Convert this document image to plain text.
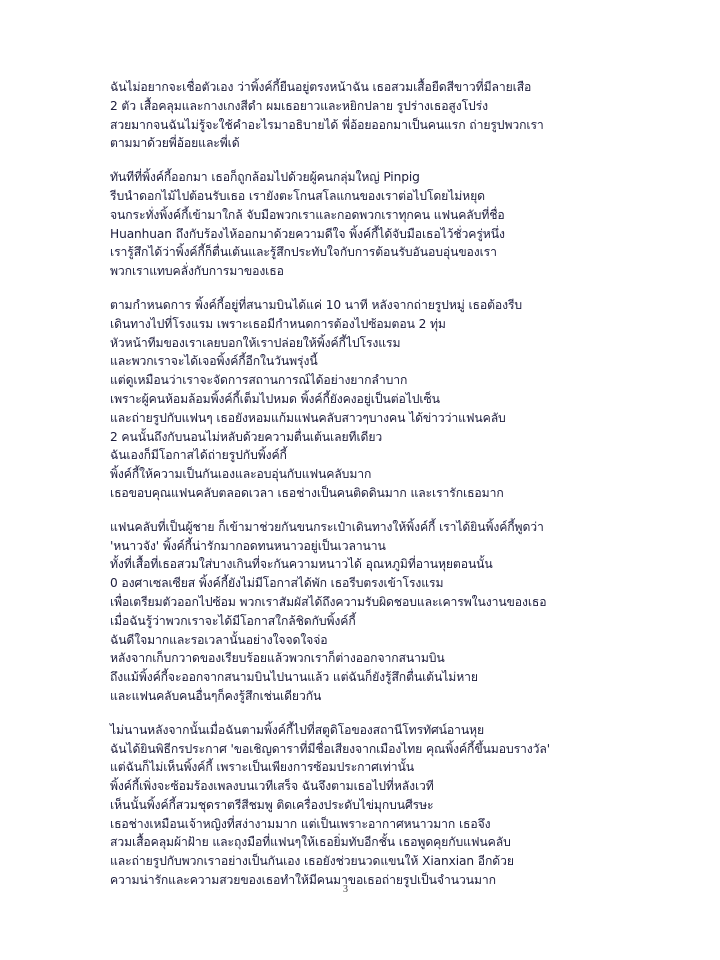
ฉันไม่อยากจะเชื่อตัวเอง ว่าพิ้งค์กี้ยืนอยู่ตรงหน้าฉัน เธอสวมเสื้อยืดสีขาวที่มีลายเสือ
2 ตัว เสื้อคลุมและกางเกงสีดำ ผมเธอยาวและหยิกปลาย รูปร่างเธอสูงโปร่ง
สวยมากจนฉันไม่รู้จะใช้คำอะไรมาอธิบายได้ พี่อ้อยออกมาเป็นคนแรก ถ่ายรูปพวกเรา
ตามมาด้วยพี่อ้อยและพี่เด้
ทันทีที่พิ้งค์กี้ออกมา เธอก็ถูกล้อมไปด้วยผู้คนกลุ่มใหญ่ Pinpig
รีบนำดอกไม้ไปต้อนรับเธอ เรายังตะโกนสโลแกนของเราต่อไปโดยไม่หยุด
จนกระทั่งพิ้งค์กี้เข้ามาใกล้ จับมือพวกเราและกอดพวกเราทุกคน แฟนคลับที่ชื่อ
Huanhuan ถึงกับร้องไห้ออกมาด้วยความดีใจ พิ้งค์กี้ได้จับมือเธอไว้ชั่วครู่หนึ่ง
เรารู้สึกได้ว่าพิ้งค์กี้ก็ตื่นเต้นและรู้สึกประทับใจกับการต้อนรับอันอบอุ่นของเรา
พวกเราแทบคลั่งกับการมาของเธอ
ตามกำหนดการ พิ้งค์กี้อยู่ที่สนามบินได้แค่ 10 นาที หลังจากถ่ายรูปหมู่ เธอต้องรีบ
เดินทางไปที่โรงแรม เพราะเธอมีกำหนดการต้องไปซ้อมตอน 2 ทุ่ม
หัวหน้าทีมของเราเลยบอกให้เราปล่อยให้พิ้งค์กี้ไปโรงแรม
และพวกเราจะได้เจอพิ้งค์กี้อีกในวันพรุ่งนี้
แต่ดูเหมือนว่าเราจะจัดการสถานการณ์ได้อย่างยากลำบาก
เพราะผู้คนห้อมล้อมพิ้งค์กี้เต็มไปหมด พิ้งค์กี้ยังคงอยู่เป็นต่อไปเซ็น
และถ่ายรูปกับแฟนๆ เธอยังหอมแก้มแฟนคลับสาวๆบางคน ได้ข่าวว่าแฟนคลับ
2 คนนั้นถึงกับนอนไม่หลับด้วยความตื่นเต้นเลยทีเดียว
ฉันเองก็มีโอกาสได้ถ่ายรูปกับพิ้งค์กี้
พิ้งค์กี้ให้ความเป็นกันเองและอบอุ่นกับแฟนคลับมาก
เธอขอบคุณแฟนคลับตลอดเวลา เธอช่างเป็นคนติดดินมาก และเรารักเธอมาก
แฟนคลับที่เป็นผู้ชาย ก็เข้ามาช่วยกันขนกระเป๋าเดินทางให้พิ้งค์กี้ เราได้ยินพิ้งค์กี้พูดว่า
'หนาวจัง' พิ้งค์กี้น่ารักมากอดทนหนาวอยู่เป็นเวลานาน
ทั้งที่เสื้อที่เธอสวมใส่บางเกินที่จะกันความหนาวได้ อุณหภูมิที่อานหุยตอนนั้น
0 องศาเซลเซียส พิ้งค์กี้ยังไม่มีโอกาสได้พัก เธอรีบตรงเข้าโรงแรม
เพื่อเตรียมตัวออกไปซ้อม พวกเราสัมผัสได้ถึงความรับผิดชอบและเคารพในงานของเธอ
เมื่อฉันรู้ว่าพวกเราจะได้มีโอกาสใกล้ชิดกับพิ้งค์กี้
ฉันดีใจมากและรอเวลานั้นอย่างใจจดใจจ่อ
หลังจากเก็บกวาดของเรียบร้อยแล้วพวกเราก็ต่างออกจากสนามบิน
ถึงแม้พิ้งค์กี้จะออกจากสนามบินไปนานแล้ว แต่ฉันก็ยังรู้สึกตื่นเต้นไม่หาย
และแฟนคลับคนอื่นๆก็คงรู้สึกเช่นเดียวกัน
ไม่นานหลังจากนั้นเมื่อฉันตามพิ้งค์กี้ไปที่สตูดิโอของสถานีโทรทัศน์อานหุย
ฉันได้ยินพิธีกรประกาศ 'ขอเชิญดาราที่มีชื่อเสียงจากเมืองไทย คุณพิ้งค์กี้ขึ้นมอบรางวัล'
แต่ฉันก็ไม่เห็นพิ้งค์กี้ เพราะเป็นเพียงการซ้อมประกาศเท่านั้น
พิ้งค์กี้เพิ่งจะซ้อมร้องเพลงบนเวทีเสร็จ ฉันจึงตามเธอไปที่หลังเวที
เห็นนั้นพิ้งค์กี้สวมชุดราตรีสีชมพู ติดเครื่องประดับไข่มุกบนศีรษะ
เธอช่างเหมือนเจ้าหญิงที่สง่างามมาก แต่เป็นเพราะอากาศหนาวมาก เธอจึง
สวมเสื้อคลุมผ้าฝ้าย และถุงมือที่แฟนๆให้เธอยิ่มทับอีกชั้น เธอพูดคุยกับแฟนคลับ
และถ่ายรูปกับพวกเราอย่างเป็นกันเอง เธอยังช่วยนวดแขนให้ Xianxian อีกด้วย
ความน่ารักและความสวยของเธอทำให้มีคนมาขอเธอถ่ายรูปเป็นจำนวนมาก
3
